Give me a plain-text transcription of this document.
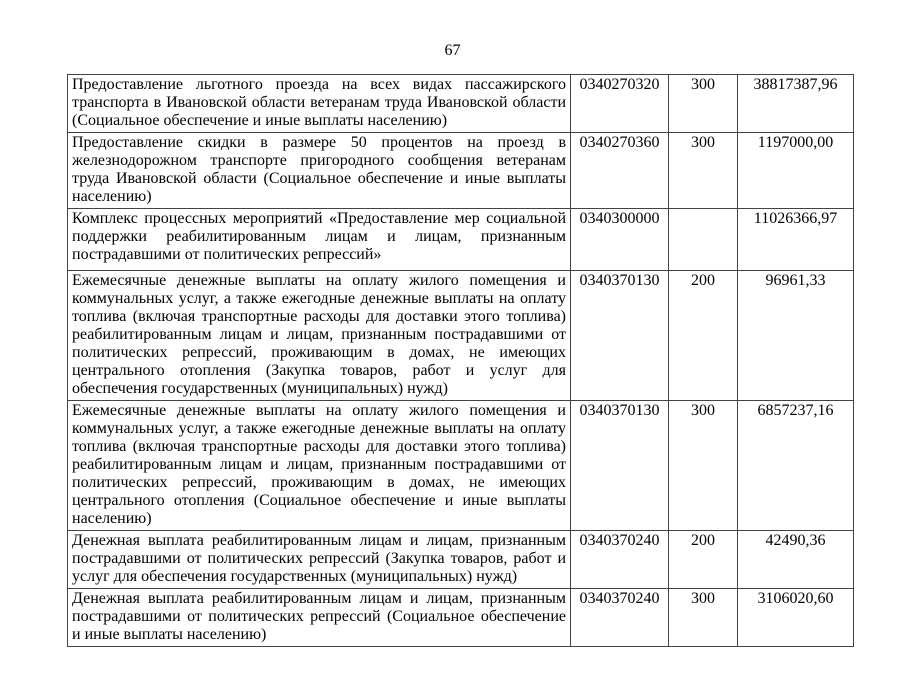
67
Предоставление льготного проезда на всех видах пассажирского транспорта в Ивановской области ветеранам труда Ивановской области (Социальное обеспечение и иные выплаты населению)	0340270320	300	38817387,96
Предоставление скидки в размере 50 процентов на проезд в железнодорожном транспорте пригородного сообщения ветеранам труда Ивановской области (Социальное обеспечение и иные выплаты населению)	0340270360	300	1197000,00
Комплекс процессных мероприятий «Предоставление мер социальной поддержки реабилитированным лицам и лицам, признанным пострадавшими от политических репрессий»	0340300000		11026366,97
Ежемесячные денежные выплаты на оплату жилого помещения и коммунальных услуг, а также ежегодные денежные выплаты на оплату топлива (включая транспортные расходы для доставки этого топлива) реабилитированным лицам и лицам, признанным пострадавшими от политических репрессий, проживающим в домах, не имеющих центрального отопления (Закупка товаров, работ и услуг для обеспечения государственных (муниципальных) нужд)	0340370130	200	96961,33
Ежемесячные денежные выплаты на оплату жилого помещения и коммунальных услуг, а также ежегодные денежные выплаты на оплату топлива (включая транспортные расходы для доставки этого топлива) реабилитированным лицам и лицам, признанным пострадавшими от политических репрессий, проживающим в домах, не имеющих центрального отопления (Социальное обеспечение и иные выплаты населению)	0340370130	300	6857237,16
Денежная выплата реабилитированным лицам и лицам, признанным пострадавшими от политических репрессий (Закупка товаров, работ и услуг для обеспечения государственных (муниципальных) нужд)	0340370240	200	42490,36
Денежная выплата реабилитированным лицам и лицам, признанным пострадавшими от политических репрессий (Социальное обеспечение и иные выплаты населению)	0340370240	300	3106020,60
